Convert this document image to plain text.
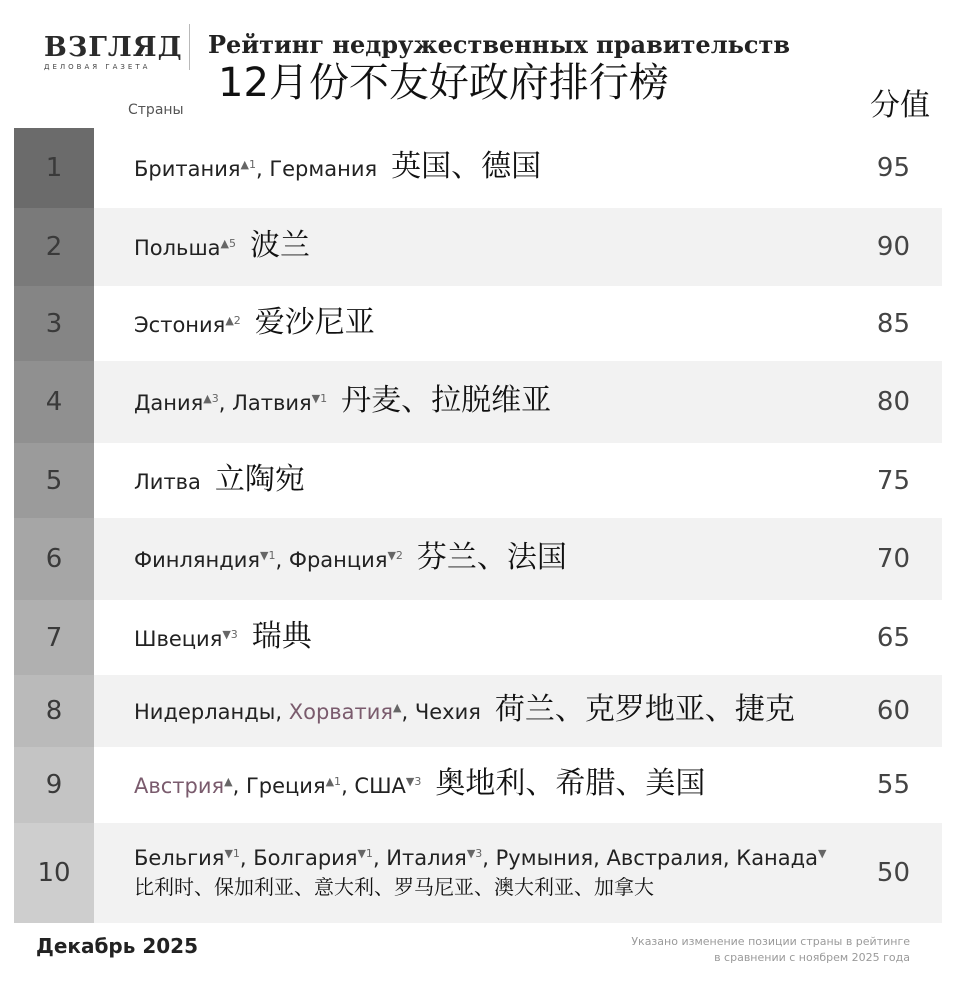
ВЗГЛЯД
ДЕЛОВАЯ ГАЗЕТА
Рейтинг недружественных правительств
12月份不友好政府排行榜
Страны	分值
1	Британия$^{▲1}$, Германия 英国、德国	95
2	Польша$^{▲5}$ 波兰	90
3	Эстония$^{▲2}$ 爱沙尼亚	85
4	Дания$^{▲3}$, Латвия$^{▼1}$ 丹麦、拉脱维亚	80
5	Литва 立陶宛	75
6	Финляндия$^{▼1}$, Франция$^{▼2}$ 芬兰、法国	70
7	Швеция$^{▼3}$ 瑞典	65
8	Нидерланды, Хорватия▲, Чехия 荷兰、克罗地亚、捷克	60
9	Австрия▲, Греция$^{▲1}$, $США^{▼3}$ 奥地利、希腊、美国	55
10	Бельгия$^{▼1}$, Болгария$^{▼1}$, Италия$^{▼3}$, Румыния, Австралия, Канада▼
比利时、保加利亚、意大利、罗马尼亚、澳大利亚、加拿大	50
Декабрь 2025	Указано изменение позиции страны в рейтинге
в сравнении с ноябрем 2025 года
